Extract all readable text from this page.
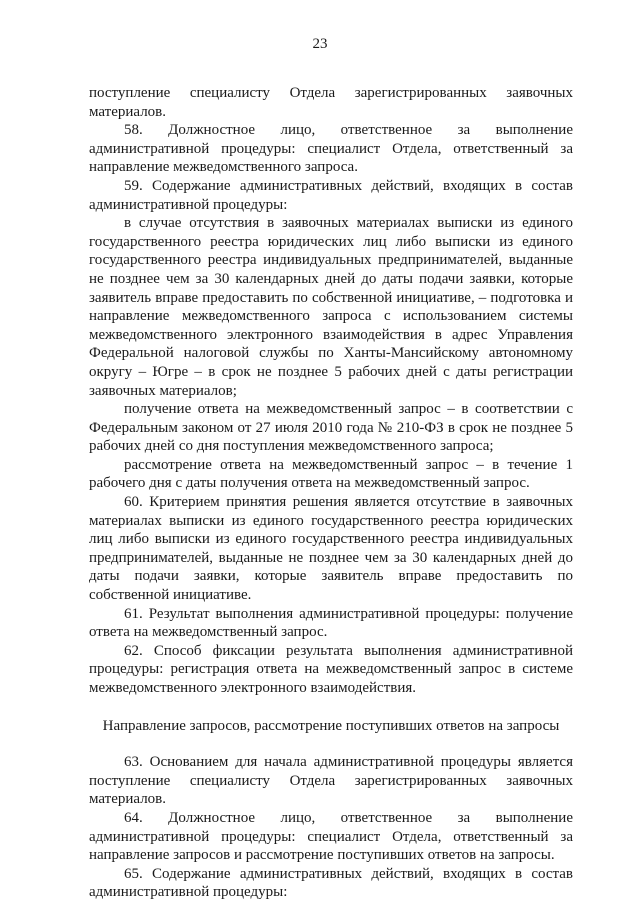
23

поступление специалисту Отдела зарегистрированных заявочных материалов.

58. Должностное лицо, ответственное за выполнение административной процедуры: специалист Отдела, ответственный за направление межведомственного запроса.

59. Содержание административных действий, входящих в состав административной процедуры:

в случае отсутствия в заявочных материалах выписки из единого государственного реестра юридических лиц либо выписки из единого государственного реестра индивидуальных предпринимателей, выданные не позднее чем за 30 календарных дней до даты подачи заявки, которые заявитель вправе предоставить по собственной инициативе, – подготовка и направление межведомственного запроса с использованием системы межведомственного электронного взаимодействия в адрес Управления Федеральной налоговой службы по Ханты-Мансийскому автономному округу – Югре – в срок не позднее 5 рабочих дней с даты регистрации заявочных материалов;

получение ответа на межведомственный запрос – в соответствии с Федеральным законом от 27 июля 2010 года № 210-ФЗ в срок не позднее 5 рабочих дней со дня поступления межведомственного запроса;

рассмотрение ответа на межведомственный запрос – в течение 1 рабочего дня с даты получения ответа на межведомственный запрос.

60. Критерием принятия решения является отсутствие в заявочных материалах выписки из единого государственного реестра юридических лиц либо выписки из единого государственного реестра индивидуальных предпринимателей, выданные не позднее чем за 30 календарных дней до даты подачи заявки, которые заявитель вправе предоставить по собственной инициативе.

61. Результат выполнения административной процедуры: получение ответа на межведомственный запрос.

62. Способ фиксации результата выполнения административной процедуры: регистрация ответа на межведомственный запрос в системе межведомственного электронного взаимодействия.

Направление запросов, рассмотрение поступивших ответов на запросы

63. Основанием для начала административной процедуры является поступление специалисту Отдела зарегистрированных заявочных материалов.

64. Должностное лицо, ответственное за выполнение административной процедуры: специалист Отдела, ответственный за направление запросов и рассмотрение поступивших ответов на запросы.

65. Содержание административных действий, входящих в состав административной процедуры:
